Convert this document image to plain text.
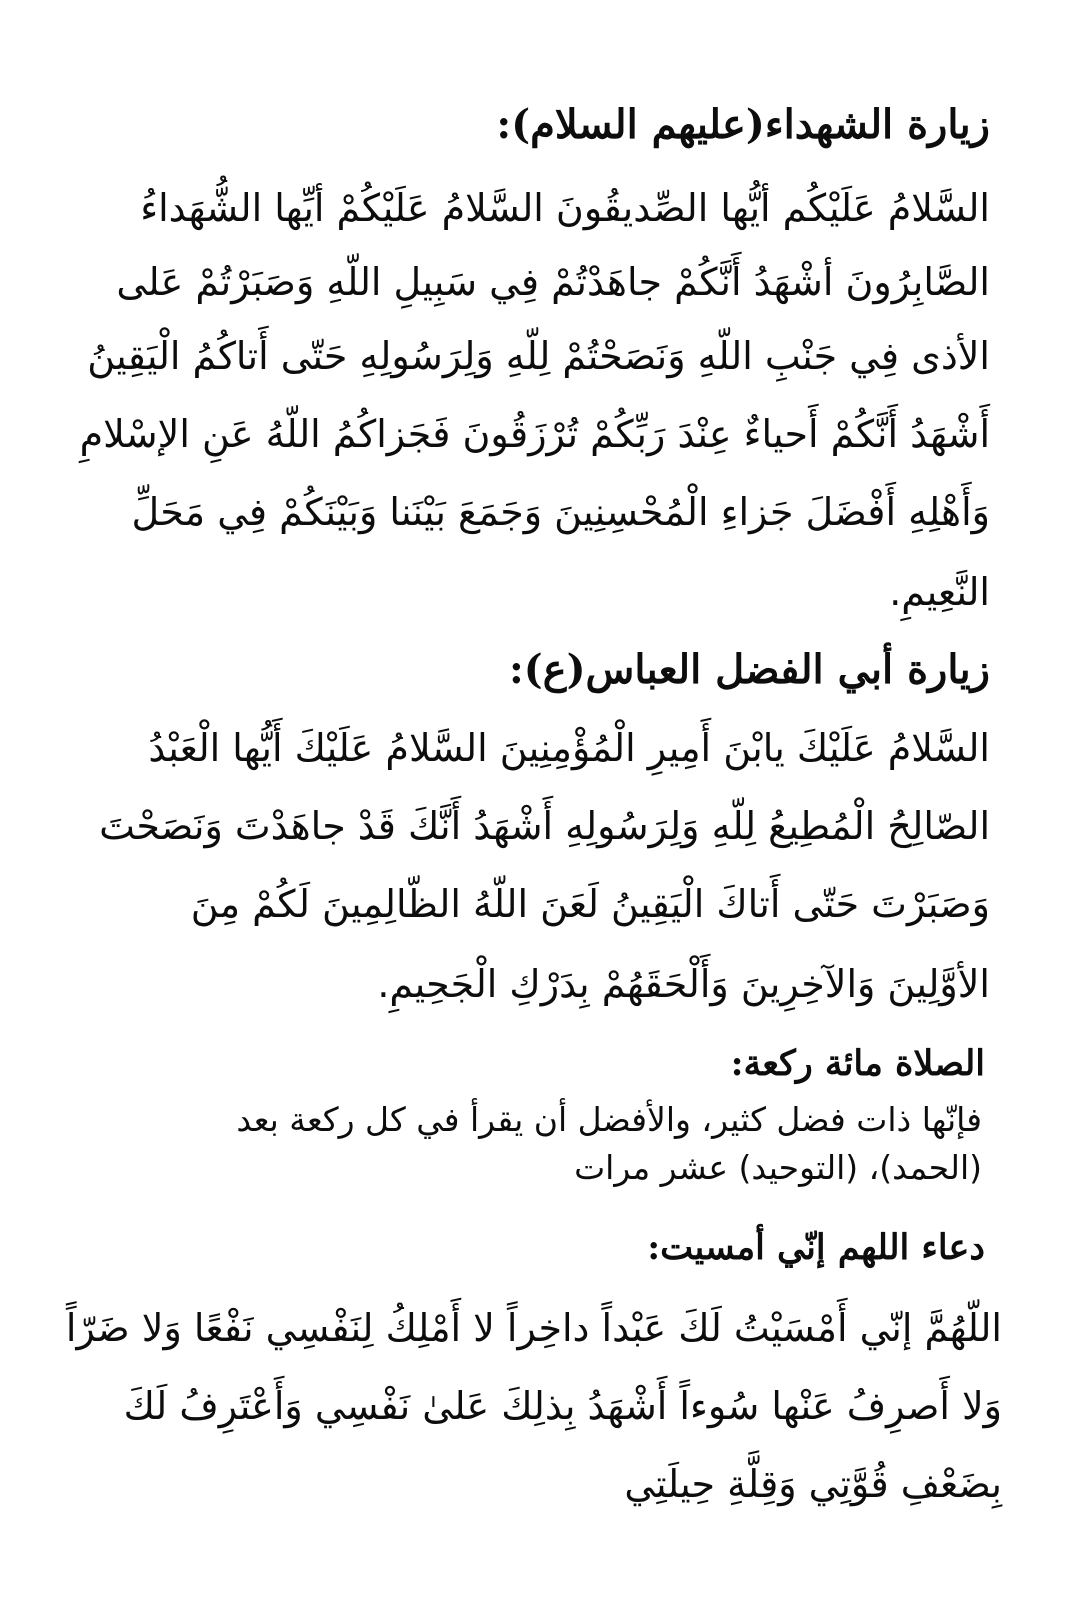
زيارة الشهداء(عليهم السلام):
السَّلامُ عَلَيْكُم أيُّها الصِّديقُونَ السَّلامُ عَلَيْكُمْ أيِّها الشُّهَداءُ
الصَّابِرُونَ أشْهَدُ أَنَّكُمْ جاهَدْتُمْ فِي سَبِيلِ اللّهِ وَصَبَرْتُمْ عَلى
الأذى فِي جَنْبِ اللّهِ وَنَصَحْتُمْ لِلّهِ وَلِرَسُولِهِ حَتّى أَتاكُمُ الْيَقِينُ
أَشْهَدُ أَنَّكُمْ أَحياءٌ عِنْدَ رَبِّكُمْ تُرْزَقُونَ فَجَزاكُمُ اللّهُ عَنِ الإسْلامِ
وَأَهْلِهِ أَفْضَلَ جَزاءِ الْمُحْسِنِينَ وَجَمَعَ بَيْنَنا وَبَيْنَكُمْ فِي مَحَلِّ
النَّعِيمِ.
زيارة أبي الفضل العباس(ع):
السَّلامُ عَلَيْكَ يابْنَ أَمِيرِ الْمُؤْمِنِينَ السَّلامُ عَلَيْكَ أَيُّها الْعَبْدُ
الصّالِحُ الْمُطِيعُ لِلّهِ وَلِرَسُولِهِ أَشْهَدُ أَنَّكَ قَدْ جاهَدْتَ وَنَصَحْتَ
وَصَبَرْتَ حَتّى أَتاكَ الْيَقِينُ لَعَنَ اللّهُ الظّالِمِينَ لَكُمْ مِنَ
الأوَّلِينَ وَالآخِرِينَ وَأَلْحَقَهُمْ بِدَرْكِ الْجَحِيمِ.
الصلاة مائة ركعة:
فإنّها ذات فضل كثير، والأفضل أن يقرأ في كل ركعة بعد
(الحمد)، (التوحيد) عشر مرات
دعاء اللهم إنّي أمسيت:
اللّهُمَّ إنّي أَمْسَيْتُ لَكَ عَبْداً داخِراً لا أَمْلِكُ لِنَفْسِي نَفْعًا وَلا ضَرّاً
وَلا أَصرِفُ عَنْها سُوءاً أَشْهَدُ بِذلِكَ عَلىٰ نَفْسِي وَأَعْتَرِفُ لَكَ
بِضَعْفِ قُوَّتِي وَقِلَّةِ حِيلَتِي
